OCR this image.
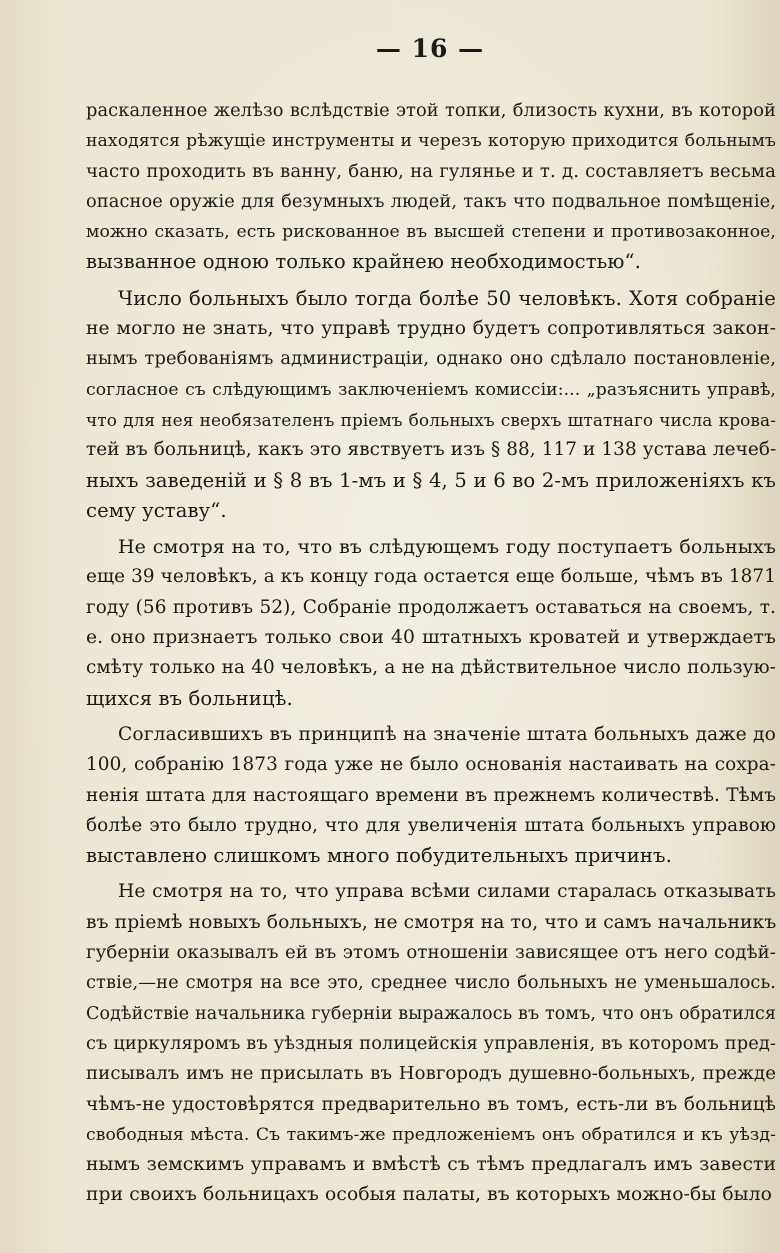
— 16 —
раскаленное желѣзо вслѣдствіе этой топки, близость кухни, въ которой
находятся рѣжущіе инструменты и черезъ которую приходится больнымъ
часто проходить въ ванну, баню, на гулянье и т. д. составляетъ весьма
опасное оружіе для безумныхъ людей, такъ что подвальное помѣщеніе,
можно сказать, есть рискованное въ высшей степени и противозаконное,
вызванное одною только крайнею необходимостью“.
Число больныхъ было тогда болѣе 50 человѣкъ. Хотя собраніе
не могло не знать, что управѣ трудно будетъ сопротивляться закон-
нымъ требованіямъ администраціи, однако оно сдѣлало постановленіе,
согласное съ слѣдующимъ заключеніемъ комиссіи:... „разъяснить управѣ,
что для нея необязателенъ пріемъ больныхъ сверхъ штатнаго числа крова-
тей въ больницѣ, какъ это явствуетъ изъ § 88, 117 и 138 устава лечеб-
ныхъ заведеній и § 8 въ 1-мъ и § 4, 5 и 6 во 2-мъ приложеніяхъ къ
сему уставу“.
Не смотря на то, что въ слѣдующемъ году поступаетъ больныхъ
еще 39 человѣкъ, а къ концу года остается еще больше, чѣмъ въ 1871
году (56 противъ 52), Собраніе продолжаетъ оставаться на своемъ, т.
е. оно признаетъ только свои 40 штатныхъ кроватей и утверждаетъ
смѣту только на 40 человѣкъ, а не на дѣйствительное число пользую-
щихся въ больницѣ.
Согласившихъ въ принципѣ на значеніе штата больныхъ даже до
100, собранію 1873 года уже не было основанія настаивать на сохра-
ненія штата для настоящаго времени въ прежнемъ количествѣ. Тѣмъ
болѣе это было трудно, что для увеличенія штата больныхъ управою
выставлено слишкомъ много побудительныхъ причинъ.
Не смотря на то, что управа всѣми силами старалась отказывать
въ пріемѣ новыхъ больныхъ, не смотря на то, что и самъ начальникъ
губерніи оказывалъ ей въ этомъ отношеніи зависящее отъ него содѣй-
ствіе,—не смотря на все это, среднее число больныхъ не уменьшалось.
Содѣйствіе начальника губерніи выражалось въ томъ, что онъ обратился
съ циркуляромъ въ уѣздныя полицейскія управленія, въ которомъ пред-
писывалъ имъ не присылать въ Новгородъ душевно-больныхъ, прежде
чѣмъ-не удостовѣрятся предварительно въ томъ, есть-ли въ больницѣ
свободныя мѣста. Съ такимъ-же предложеніемъ онъ обратился и къ уѣзд-
нымъ земскимъ управамъ и вмѣстѣ съ тѣмъ предлагалъ имъ завести
при своихъ больницахъ особыя палаты, въ которыхъ можно-бы было
